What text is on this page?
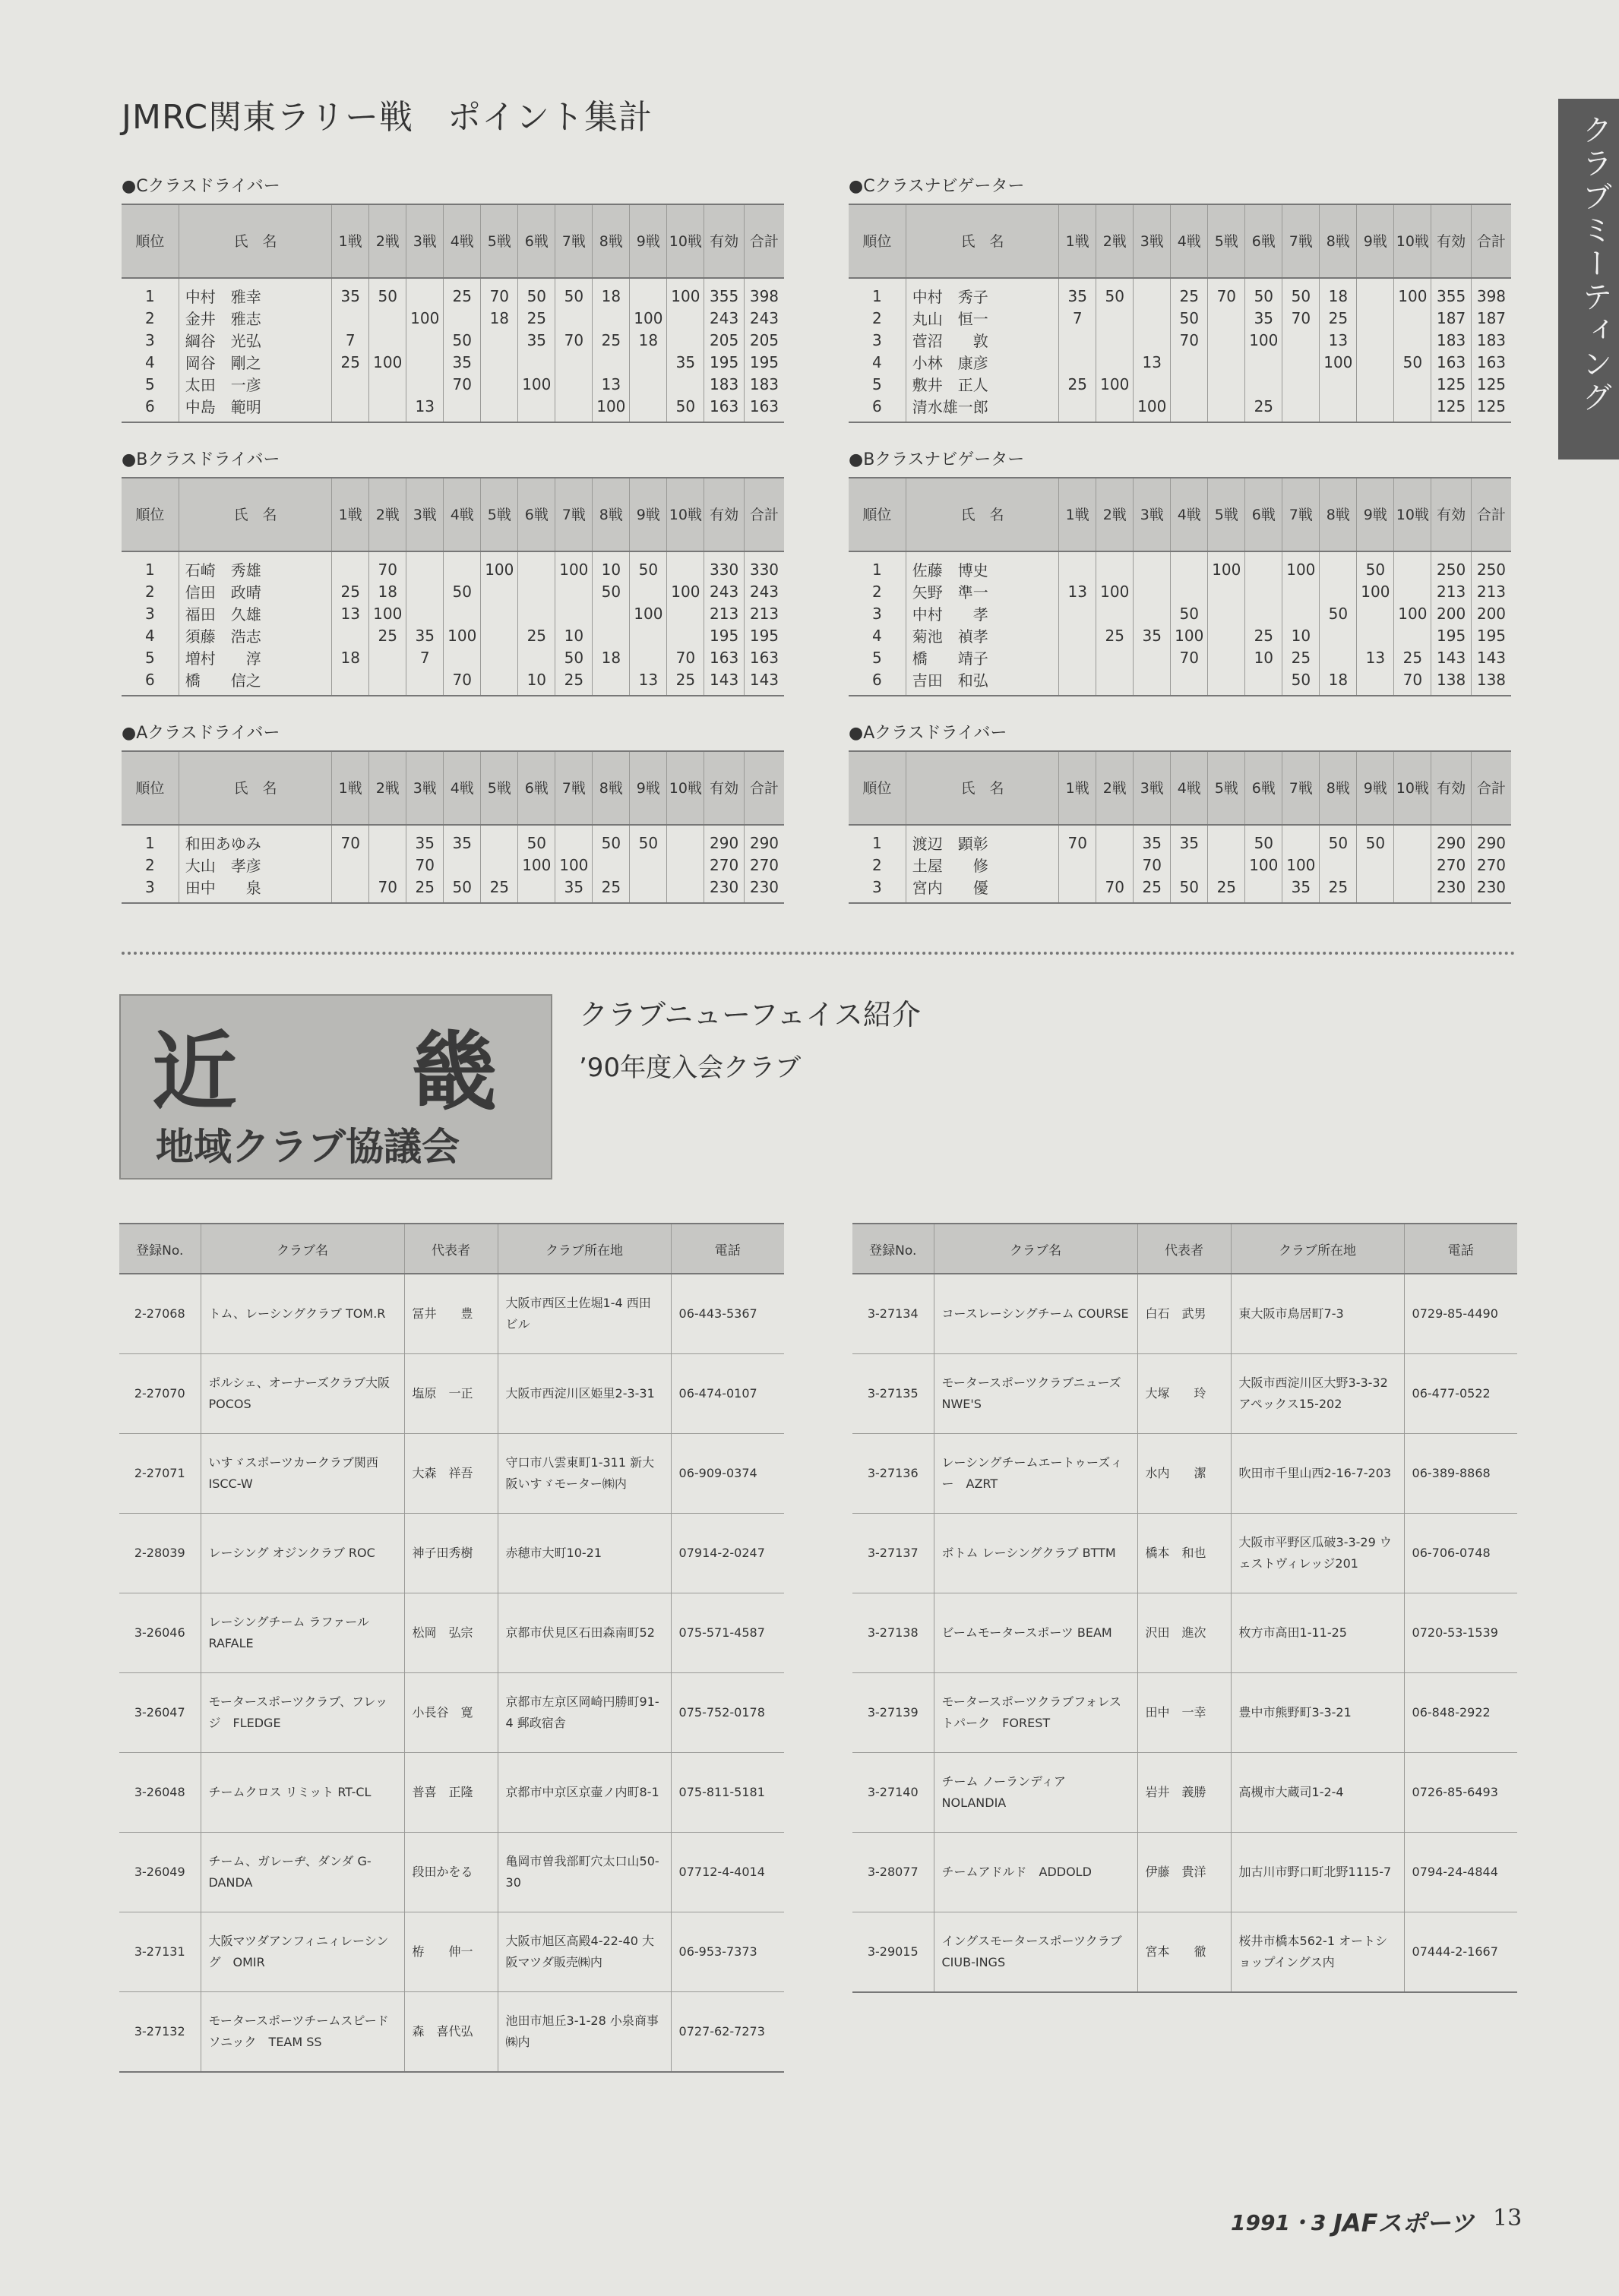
JMRC関東ラリー戦　ポイント集計	クラブミーティング
● Cクラスドライバー
順位	氏　名	1戦	2戦	3戦	4戦	5戦	6戦	7戦	8戦	9戦	10戦	有効	合計
1	中村　雅幸	35	50		25	70	50	50	18		100	355	398
2	金井　雅志			100		18	25			100		243	243
3	綱谷　光弘	7			50		35	70	25	18		205	205
4	岡谷　剛之	25	100		35						35	195	195
5	太田　一彦				70		100		13			183	183
6	中島　範明			13					100		50	163	163
● Cクラスナビゲーター
順位	氏　名	1戦	2戦	3戦	4戦	5戦	6戦	7戦	8戦	9戦	10戦	有効	合計
1	中村　秀子	35	50		25	70	50	50	18		100	355	398
2	丸山　恒一	7			50		35	70	25			187	187
3	菅沼　　敦				70		100		13			183	183
4	小林　康彦			13					100		50	163	163
5	敷井　正人	25	100									125	125
6	清水雄一郎			100			25					125	125
● Bクラスドライバー
順位	氏　名	1戦	2戦	3戦	4戦	5戦	6戦	7戦	8戦	9戦	10戦	有効	合計
1	石崎　秀雄		70			100		100	10	50		330	330
2	信田　政晴	25	18		50				50		100	243	243
3	福田　久雄	13	100							100		213	213
4	須藤　浩志		25	35	100		25	10				195	195
5	増村　　淳	18		7				50	18		70	163	163
6	橋　　信之				70		10	25		13	25	143	143
● Bクラスナビゲーター
順位	氏　名	1戦	2戦	3戦	4戦	5戦	6戦	7戦	8戦	9戦	10戦	有効	合計
1	佐藤　博史					100		100		50		250	250
2	矢野　準一	13	100							100		213	213
3	中村　　孝				50				50		100	200	200
4	菊池　禎孝		25	35	100		25	10				195	195
5	橋　　靖子				70		10	25		13	25	143	143
6	吉田　和弘							50	18		70	138	138
● Aクラスドライバー
順位	氏　名	1戦	2戦	3戦	4戦	5戦	6戦	7戦	8戦	9戦	10戦	有効	合計
1	和田あゆみ	70		35	35		50		50	50		290	290
2	大山　孝彦			70			100	100				270	270
3	田中　　泉		70	25	50	25		35	25			230	230
● Aクラスドライバー
順位	氏　名	1戦	2戦	3戦	4戦	5戦	6戦	7戦	8戦	9戦	10戦	有効	合計
1	渡辺　顕彰	70		35	35		50		50	50		290	290
2	土屋　　修			70			100	100				270	270
3	宮内　　優		70	25	50	25		35	25			230	230
近　　畿
地域クラブ協議会
クラブニューフェイス紹介
’90年度入会クラブ
登録No.	クラブ名	代表者	クラブ所在地	電話
2-27068	トム、レーシングクラブ TOM.R	冨井　　豊	大阪市西区土佐堀1-4 西田ビル	06-443-5367
2-27070	ポルシェ、オーナーズクラブ大阪　POCOS	塩原　一正	大阪市西淀川区姫里2-3-31	06-474-0107
2-27071	いすゞスポーツカークラブ関西ISCC-W	大森　祥吾	守口市八雲東町1-311 新大阪いすゞモーター㈱内	06-909-0374
2-28039	レーシング オジンクラブ ROC	神子田秀樹	赤穂市大町10-21	07914-2-0247
3-26046	レーシングチーム ラファール RAFALE	松岡　弘宗	京都市伏見区石田森南町52	075-571-4587
3-26047	モータースポーツクラブ、フレッジ　FLEDGE	小長谷　寛	京都市左京区岡崎円勝町91-4 郵政宿舎	075-752-0178
3-26048	チームクロス リミット RT-CL	普喜　正隆	京都市中京区京壷ノ内町8-1	075-811-5181
3-26049	チーム、ガレーヂ、ダンダ G-DANDA	段田かをる	亀岡市曽我部町穴太口山50-30	07712-4-4014
3-27131	大阪マツダアンフィニィレーシング　OMIR	栫　　伸一	大阪市旭区高殿4-22-40 大阪マツダ販売㈱内	06-953-7373
3-27132	モータースポーツチームスピードソニック　TEAM SS	森　喜代弘	池田市旭丘3-1-28 小泉商事㈱内	0727-62-7273
登録No.	クラブ名	代表者	クラブ所在地	電話
3-27134	コースレーシングチーム COURSE	白石　武男	東大阪市鳥居町7-3	0729-85-4490
3-27135	モータースポーツクラブニューズ　NWE'S	大塚　　玲	大阪市西淀川区大野3-3-32 アペックス15-202	06-477-0522
3-27136	レーシングチームエートゥーズィー　AZRT	水内　　潔	吹田市千里山西2-16-7-203	06-389-8868
3-27137	ボトム レーシングクラブ BTTM	橋本　和也	大阪市平野区瓜破3-3-29 ウェストヴィレッジ201	06-706-0748
3-27138	ビームモータースポーツ BEAM	沢田　進次	枚方市高田1-11-25	0720-53-1539
3-27139	モータースポーツクラブフォレストパーク　FOREST	田中　一幸	豊中市熊野町3-3-21	06-848-2922
3-27140	チーム ノーランディア NOLANDIA	岩井　義勝	高槻市大蔵司1-2-4	0726-85-6493
3-28077	チームアドルド　ADDOLD	伊藤　貴洋	加古川市野口町北野1115-7	0794-24-4844
3-29015	イングスモータースポーツクラブ　CIUB-INGS	宮本　　徹	桜井市橋本562-1 オートショップイングス内	07444-2-1667
1991・3 JAFスポーツ 13
